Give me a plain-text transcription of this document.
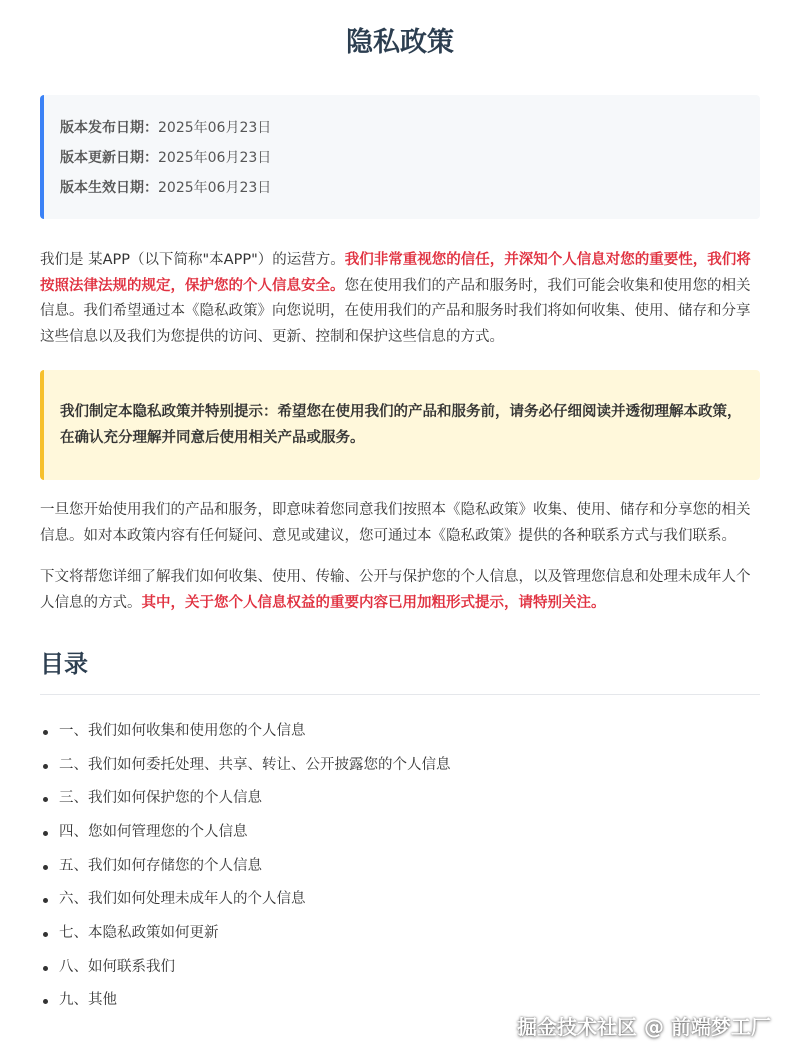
隐私政策
版本发布日期：2025年06月23日
版本更新日期：2025年06月23日
版本生效日期：2025年06月23日

我们是 某APP（以下简称"本APP"）的运营方。我们非常重视您的信任，并深知个人信息对您的重要性，我们将按照法律法规的规定，保护您的个人信息安全。您在使用我们的产品和服务时，我们可能会收集和使用您的相关信息。我们希望通过本《隐私政策》向您说明，在使用我们的产品和服务时我们将如何收集、使用、储存和分享这些信息以及我们为您提供的访问、更新、控制和保护这些信息的方式。

我们制定本隐私政策并特别提示：希望您在使用我们的产品和服务前，请务必仔细阅读并透彻理解本政策，在确认充分理解并同意后使用相关产品或服务。

一旦您开始使用我们的产品和服务，即意味着您同意我们按照本《隐私政策》收集、使用、储存和分享您的相关信息。如对本政策内容有任何疑问、意见或建议，您可通过本《隐私政策》提供的各种联系方式与我们联系。

下文将帮您详细了解我们如何收集、使用、传输、公开与保护您的个人信息，以及管理您信息和处理未成年人个人信息的方式。其中，关于您个人信息权益的重要内容已用加粗形式提示，请特别关注。

目录
一、我们如何收集和使用您的个人信息
二、我们如何委托处理、共享、转让、公开披露您的个人信息
三、我们如何保护您的个人信息
四、您如何管理您的个人信息
五、我们如何存储您的个人信息
六、我们如何处理未成年人的个人信息
七、本隐私政策如何更新
八、如何联系我们
九、其他
掘金技术社区 @ 前端梦工厂
